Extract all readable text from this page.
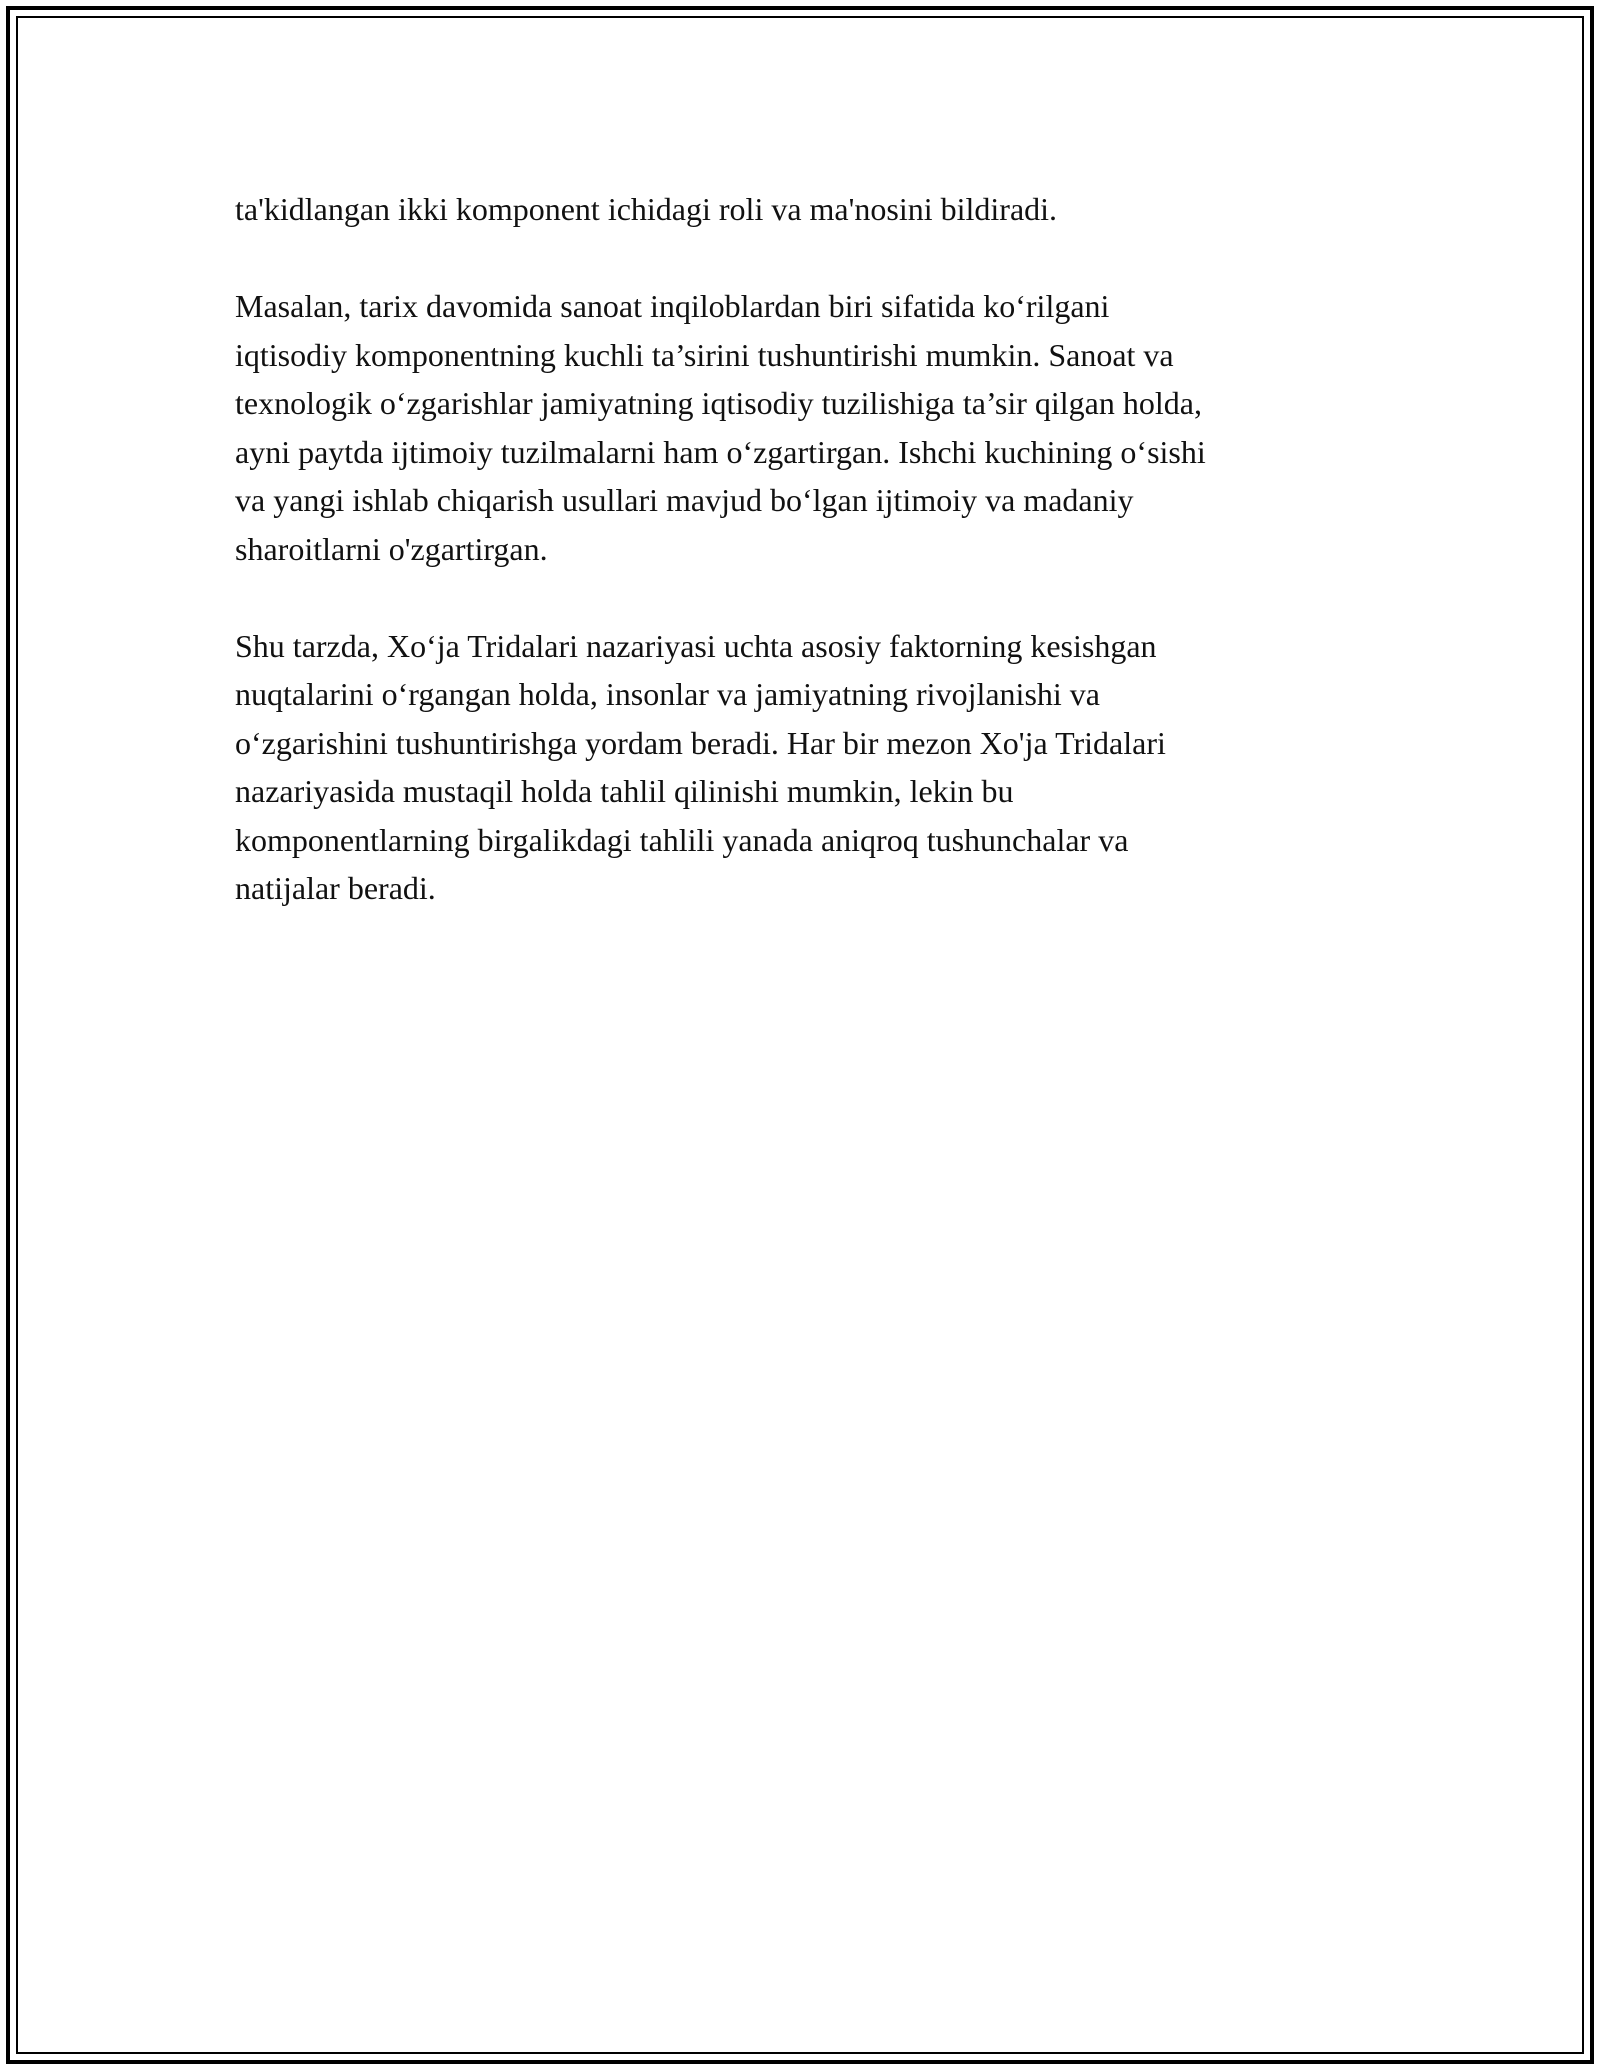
ta'kidlangan ikki komponent ichidagi roli va ma'nosini bildiradi.

Masalan, tarix davomida sanoat inqiloblardan biri sifatida ko‘rilgani
iqtisodiy komponentning kuchli ta’sirini tushuntirishi mumkin. Sanoat va
texnologik o‘zgarishlar jamiyatning iqtisodiy tuzilishiga ta’sir qilgan holda,
ayni paytda ijtimoiy tuzilmalarni ham o‘zgartirgan. Ishchi kuchining o‘sishi
va yangi ishlab chiqarish usullari mavjud bo‘lgan ijtimoiy va madaniy
sharoitlarni o'zgartirgan.

Shu tarzda, Xo‘ja Tridalari nazariyasi uchta asosiy faktorning kesishgan
nuqtalarini o‘rgangan holda, insonlar va jamiyatning rivojlanishi va
o‘zgarishini tushuntirishga yordam beradi. Har bir mezon Xo'ja Tridalari
nazariyasida mustaqil holda tahlil qilinishi mumkin, lekin bu
komponentlarning birgalikdagi tahlili yanada aniqroq tushunchalar va
natijalar beradi.
